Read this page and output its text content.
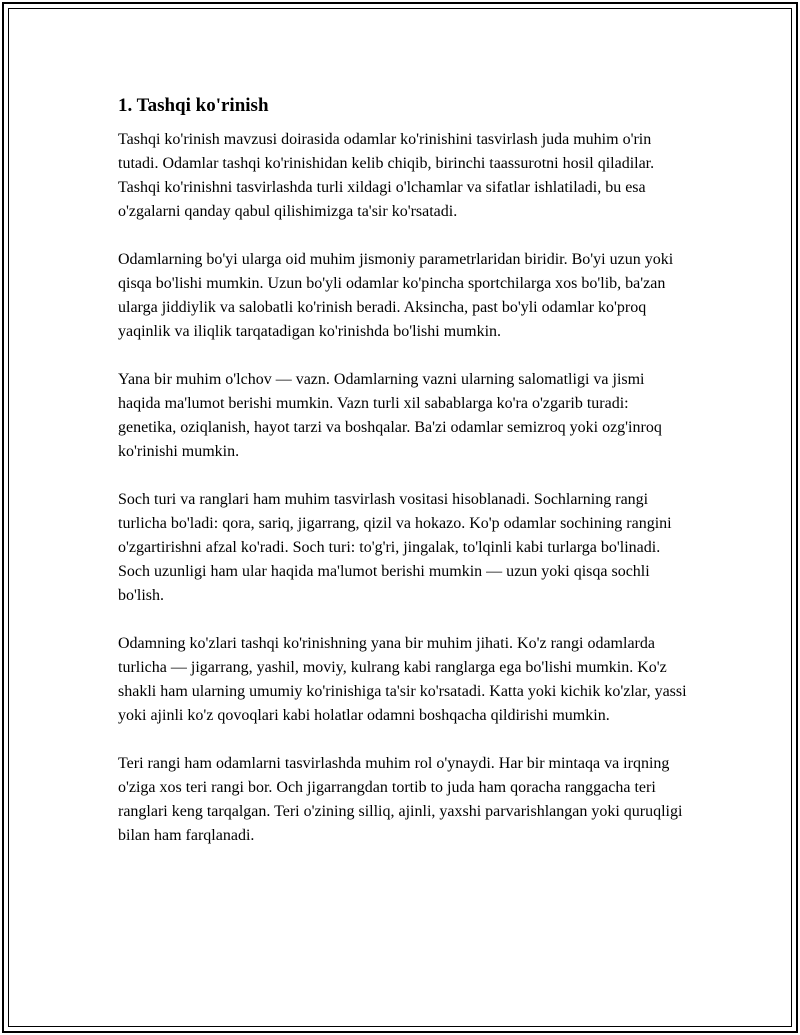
1. Tashqi ko'rinish

Tashqi ko'rinish mavzusi doirasida odamlar ko'rinishini tasvirlash juda muhim o'rin tutadi. Odamlar tashqi ko'rinishidan kelib chiqib, birinchi taassurotni hosil qiladilar. Tashqi ko'rinishni tasvirlashda turli xildagi o'lchamlar va sifatlar ishlatiladi, bu esa o'zgalarni qanday qabul qilishimizga ta'sir ko'rsatadi.

Odamlarning bo'yi ularga oid muhim jismoniy parametrlaridan biridir. Bo'yi uzun yoki qisqa bo'lishi mumkin. Uzun bo'yli odamlar ko'pincha sportchilarga xos bo'lib, ba'zan ularga jiddiylik va salobatli ko'rinish beradi. Aksincha, past bo'yli odamlar ko'proq yaqinlik va iliqlik tarqatadigan ko'rinishda bo'lishi mumkin.

Yana bir muhim o'lchov — vazn. Odamlarning vazni ularning salomatligi va jismi haqida ma'lumot berishi mumkin. Vazn turli xil sabablarga ko'ra o'zgarib turadi: genetika, oziqlanish, hayot tarzi va boshqalar. Ba'zi odamlar semizroq yoki ozg'inroq ko'rinishi mumkin.

Soch turi va ranglari ham muhim tasvirlash vositasi hisoblanadi. Sochlarning rangi turlicha bo'ladi: qora, sariq, jigarrang, qizil va hokazo. Ko'p odamlar sochining rangini o'zgartirishni afzal ko'radi. Soch turi: to'g'ri, jingalak, to'lqinli kabi turlarga bo'linadi. Soch uzunligi ham ular haqida ma'lumot berishi mumkin — uzun yoki qisqa sochli bo'lish.

Odamning ko'zlari tashqi ko'rinishning yana bir muhim jihati. Ko'z rangi odamlarda turlicha — jigarrang, yashil, moviy, kulrang kabi ranglarga ega bo'lishi mumkin. Ko'z shakli ham ularning umumiy ko'rinishiga ta'sir ko'rsatadi. Katta yoki kichik ko'zlar, yassi yoki ajinli ko'z qovoqlari kabi holatlar odamni boshqacha qildirishi mumkin.

Teri rangi ham odamlarni tasvirlashda muhim rol o'ynaydi. Har bir mintaqa va irqning o'ziga xos teri rangi bor. Och jigarrangdan tortib to juda ham qoracha ranggacha teri ranglari keng tarqalgan. Teri o'zining silliq, ajinli, yaxshi parvarishlangan yoki quruqligi bilan ham farqlanadi.
